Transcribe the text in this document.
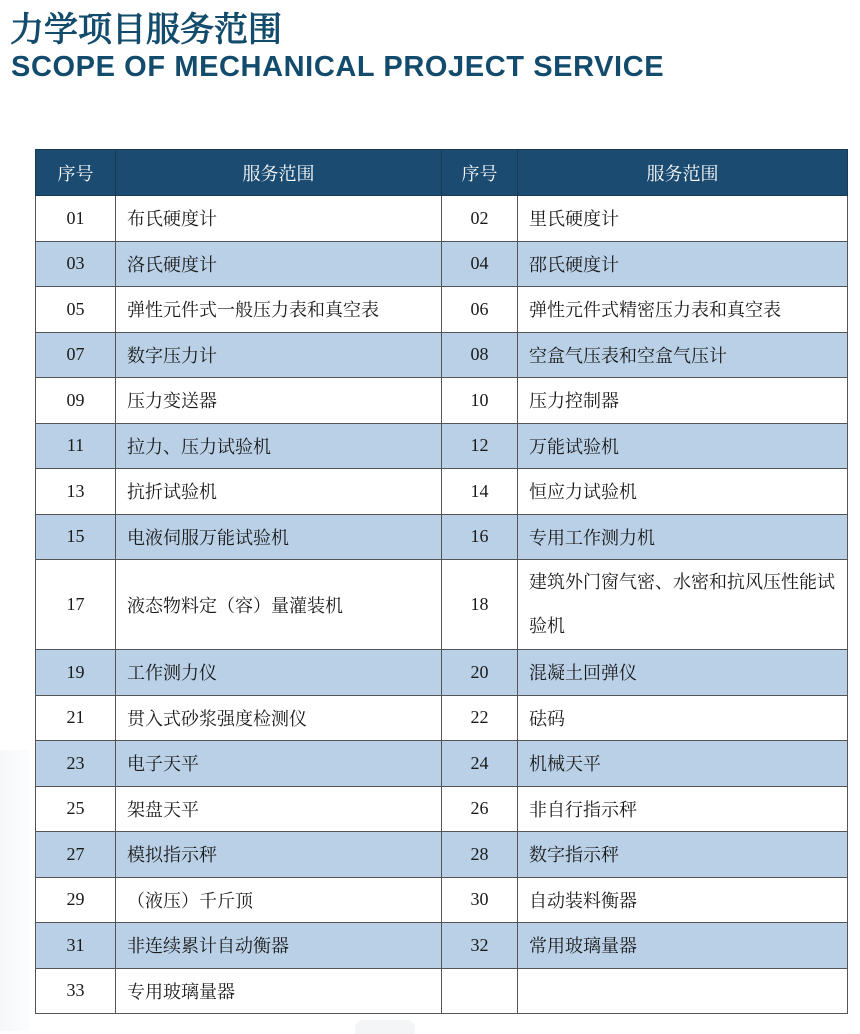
力学项目服务范围
SCOPE OF MECHANICAL PROJECT SERVICE
序号	服务范围	序号	服务范围
01	布氏硬度计	02	里氏硬度计
03	洛氏硬度计	04	邵氏硬度计
05	弹性元件式一般压力表和真空表	06	弹性元件式精密压力表和真空表
07	数字压力计	08	空盒气压表和空盒气压计
09	压力变送器	10	压力控制器
11	拉力、压力试验机	12	万能试验机
13	抗折试验机	14	恒应力试验机
15	电液伺服万能试验机	16	专用工作测力机
17	液态物料定（容）量灌装机	18	建筑外门窗气密、水密和抗风压性能试验机

19	工作测力仪	20	混凝土回弹仪
21	贯入式砂浆强度检测仪	22	砝码
23	电子天平	24	机械天平
25	架盘天平	26	非自行指示秤
27	模拟指示秤	28	数字指示秤
29	（液压）千斤顶	30	自动装料衡器
31	非连续累计自动衡器	32	常用玻璃量器
33	专用玻璃量器		
